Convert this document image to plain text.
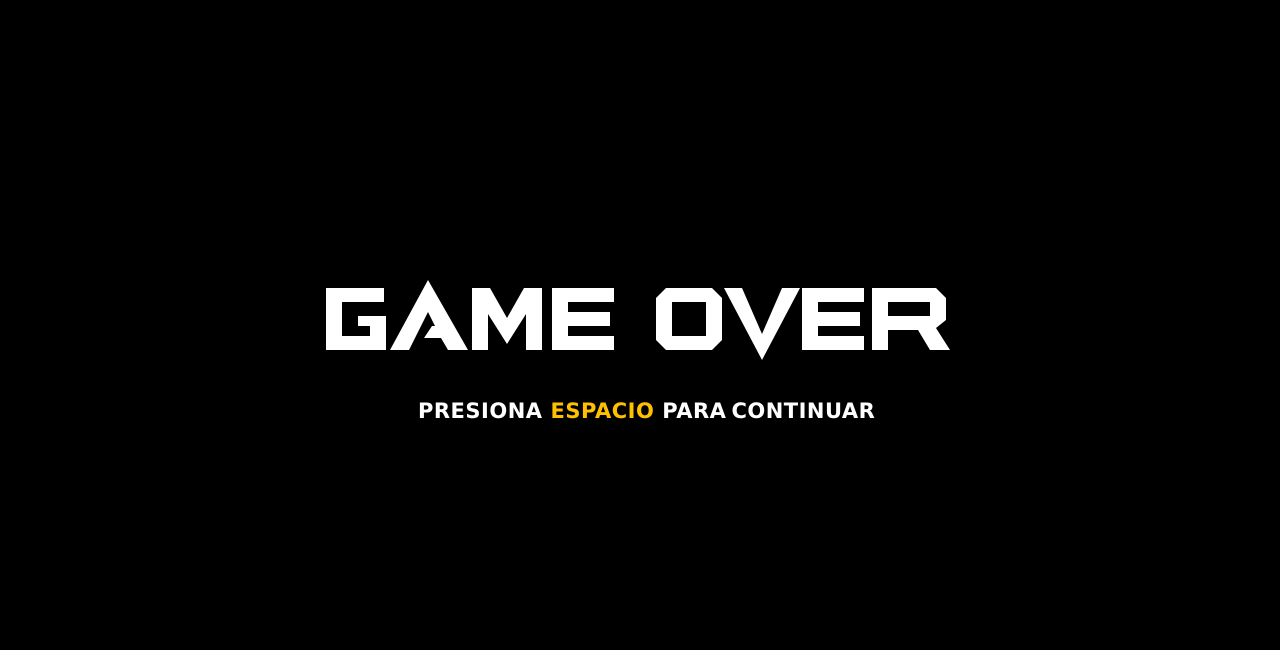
PRESIONA ESPACIO PARA CONTINUAR
